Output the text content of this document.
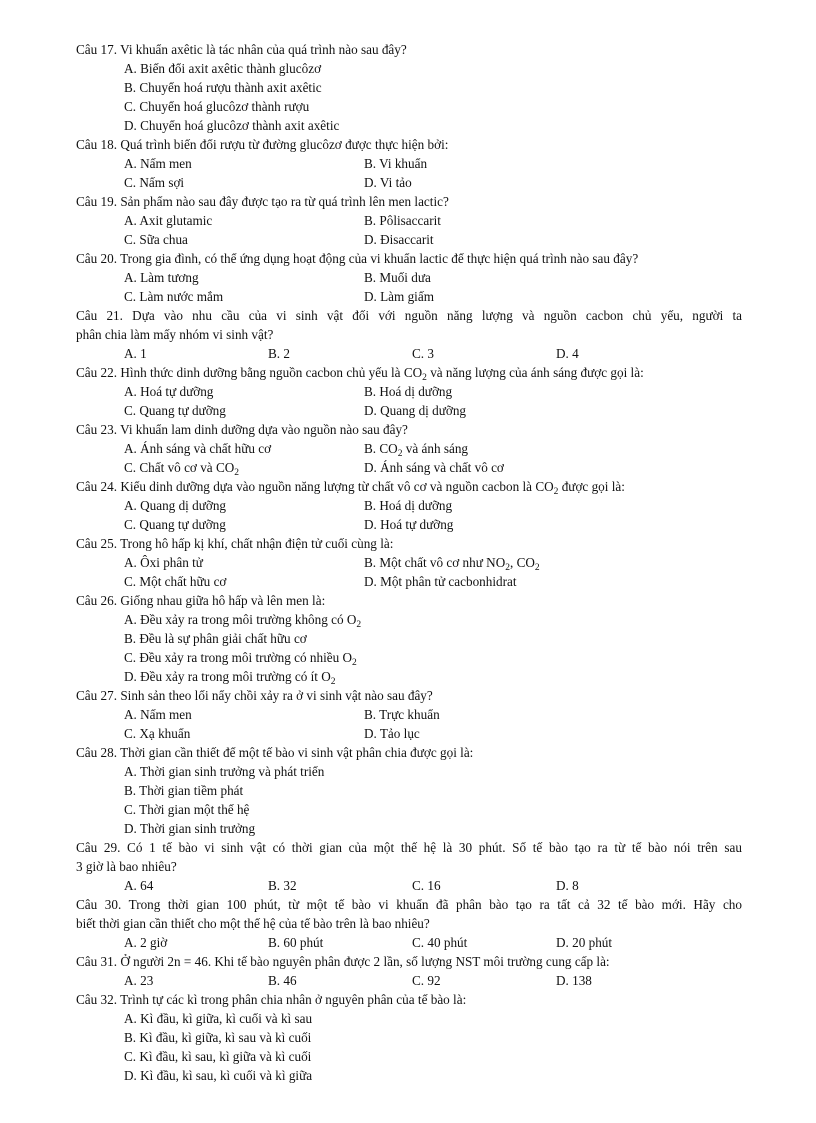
Câu 17. Vi khuẩn axêtic là tác nhân của quá trình nào sau đây?
A. Biến đổi axit axêtic thành glucôzơ
B. Chuyển hoá rượu thành axit axêtic
C. Chuyển hoá glucôzơ thành rượu
D. Chuyển hoá glucôzơ thành axit axêtic
Câu 18. Quá trình biến đổi rượu từ đường glucôzơ được thực hiện bởi:
A. Nấm men	B. Vi khuẩn
C. Nấm sợi	D. Vi tảo
Câu 19. Sản phẩm nào sau đây được tạo ra từ quá trình lên men lactic?
A. Axit glutamic	B. Pôlisaccarit
C. Sữa chua	D. Đisaccarit
Câu 20. Trong gia đình, có thể ứng dụng hoạt động của vi khuẩn lactic để thực hiện quá trình nào sau đây?
A. Làm tương	B. Muối dưa
C. Làm nước mắm	D. Làm giấm
Câu 21. Dựa vào nhu cầu của vi sinh vật đối với nguồn năng lượng và nguồn cacbon chủ yếu, người ta
phân chia làm mấy nhóm vi sinh vật?
A. 1	B. 2	C. 3	D. 4
Câu 22. Hình thức dinh dưỡng bằng nguồn cacbon chủ yếu là $CO_2$ và năng lượng của ánh sáng được gọi là:
A. Hoá tự dưỡng	B. Hoá dị dưỡng
C. Quang tự dưỡng	D. Quang dị dưỡng
Câu 23. Vi khuẩn lam dinh dưỡng dựa vào nguồn nào sau đây?
A. Ánh sáng và chất hữu cơ	B. $CO_2$ và ánh sáng
C. Chất vô cơ và $CO_2$	D. Ánh sáng và chất vô cơ
Câu 24. Kiểu dinh dưỡng dựa vào nguồn năng lượng từ chất vô cơ và nguồn cacbon là $CO_2$ được gọi là:
A. Quang dị dưỡng	B. Hoá dị dưỡng
C. Quang tự dưỡng	D. Hoá tự dưỡng
Câu 25. Trong hô hấp kị khí, chất nhận điện tử cuối cùng là:
A. Ôxi phân tử	B. Một chất vô cơ như $NO_2$, $CO_2$
C. Một chất hữu cơ	D. Một phân tử cacbonhidrat
Câu 26. Giống nhau giữa hô hấp và lên men là:
A. Đều xảy ra trong môi trường không có $O_2$
B. Đều là sự phân giải chất hữu cơ
C. Đều xảy ra trong môi trường có nhiều $O_2$
D. Đều xảy ra trong môi trường có ít $O_2$
Câu 27. Sinh sản theo lối nẩy chồi xảy ra ở vi sinh vật nào sau đây?
A. Nấm men	B. Trực khuẩn
C. Xạ khuẩn	D. Tảo lục
Câu 28. Thời gian cần thiết để một tế bào vi sinh vật phân chia được gọi là:
A. Thời gian sinh trưởng và phát triển
B. Thời gian tiềm phát
C. Thời gian một thế hệ
D. Thời gian sinh trưởng
Câu 29. Có 1 tế bào vi sinh vật có thời gian của một thế hệ là 30 phút. Số tế bào tạo ra từ tế bào nói trên sau
3 giờ là bao nhiêu?
A. 64	B. 32	C. 16	D. 8
Câu 30. Trong thời gian 100 phút, từ một tế bào vi khuẩn đã phân bào tạo ra tất cả 32 tế bào mới. Hãy cho
biết thời gian cần thiết cho một thế hệ của tế bào trên là bao nhiêu?
A. 2 giờ	B. 60 phút	C. 40 phút	D. 20 phút
Câu 31. Ở người 2n = 46. Khi tế bào nguyên phân được 2 lần, số lượng NST môi trường cung cấp là:
A. 23	B. 46	C. 92	D. 138
Câu 32. Trình tự các kì trong phân chia nhân ở nguyên phân của tế bào là:
A. Kì đầu, kì giữa, kì cuối và kì sau
B. Kì đầu, kì giữa, kì sau và kì cuối
C. Kì đầu, kì sau, kì giữa và kì cuối
D. Kì đầu, kì sau, kì cuối và kì giữa
